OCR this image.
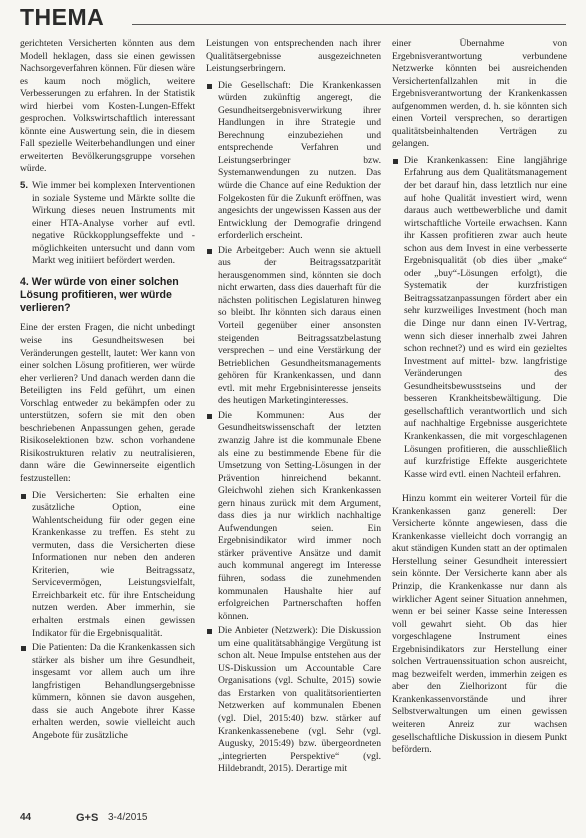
THEMA

gerichteten Versicherten könnten aus dem Modell heklagen, dass sie einen gewissen Nachsorgeverfahren können. Für diesen wäre es kaum noch möglich, weitere Verbesserungen zu erfahren. In der Statistik wird hierbei vom Kosten-Lungen-Effekt gesprochen. Volkswirtschaftlich interessant könnte eine Auswertung sein, die in diesem Fall spezielle Weiterbehandlungen und einer erweiterten Bevölkerungsgruppe vorsehen würde.

5. Wie immer bei komplexen Interventionen in soziale Systeme und Märkte sollte die Wirkung dieses neuen Instruments mit einer HTA-Analyse vorher auf evtl. negative Rückkopplungseffekte und -möglichkeiten untersucht und dann vom Markt weg initiiert befördert werden.
4. Wer würde von einer solchen Lösung profitieren, wer würde verlieren?

Eine der ersten Fragen, die nicht unbedingt weise ins Gesundheitswesen bei Veränderungen gestellt, lautet: Wer kann von einer solchen Lösung profitieren, wer würde eher verlieren? Und danach werden dann die Beteiligten ins Feld geführt, um einen Vorschlag entweder zu bekämpfen oder zu unterstützen, sofern sie mit den oben beschriebenen Anpassungen gehen, gerade Risikoselektionen bzw. schon vorhandene Risikostrukturen relativ zu neutralisieren, dann wäre die Gewinnerseite eigentlich festzustellen:

Die Versicherten: Sie erhalten eine zusätzliche Option, eine Wahlentscheidung für oder gegen eine Krankenkasse zu treffen. Es steht zu vermuten, dass die Versicherten diese Informationen nur neben den anderen Kriterien, wie Beitragssatz, Servicevermögen, Leistungsvielfalt, Erreichbarkeit etc. für ihre Entscheidung nutzen werden. Aber immerhin, sie erhalten erstmals einen gewissen Indikator für die Ergebnisqualität.
Die Patienten: Da die Krankenkassen sich stärker als bisher um ihre Gesundheit, insgesamt vor allem auch um ihre langfristigen Behandlungsergebnisse kümmern, können sie davon ausgehen, dass sie auch Angebote ihrer Kasse erhalten werden, sowie vielleicht auch Angebote für zusätzliche

Leistungen von entsprechenden nach ihrer Qualitätsergebnisse ausgezeichneten Leistungserbringern.

Die Gesellschaft: Die Krankenkassen würden zukünftig angeregt, die Gesundheitsergebnisverwirkung ihrer Handlungen in ihre Strategie und Berechnung einzubeziehen und entsprechende Verfahren und Leistungserbringer bzw. Systemanwendungen zu nutzen. Das würde die Chance auf eine Reduktion der Folgekosten für die Zukunft eröffnen, was angesichts der ungewissen Kassen aus der Entwicklung der Demografie dringend erforderlich erscheint.
Die Arbeitgeber: Auch wenn sie aktuell aus der Beitragssatzparität herausgenommen sind, könnten sie doch nicht erwarten, dass dies dauerhaft für die nächsten politischen Legislaturen hinweg so bleibt. Ihr könnten sich daraus einen Vorteil gegenüber einer ansonsten steigenden Beitragssatzbelastung versprechen – und eine Verstärkung der Betrieblichen Gesundheitsmanagements gehören für Krankenkassen, und dann evtl. mit mehr Ergebnisinteresse jenseits des heutigen Marketinginteresses.
Die Kommunen: Aus der Gesundheitswissenschaft der letzten zwanzig Jahre ist die kommunale Ebene als eine zu bestimmende Ebene für die Umsetzung von Setting-Lösungen in der Prävention hinreichend bekannt. Gleichwohl ziehen sich Krankenkassen gern hinaus zurück mit dem Argument, dass dies ja nur wirklich nachhaltige Aufwendungen seien. Ein Ergebnisindikator wird immer noch stärker präventive Ansätze und damit auch kommunal angeregt im Interesse führen, sodass die zunehmenden kommunalen Haushalte hier auf erfolgreichen Partnerschaften hoffen können.
Die Anbieter (Netzwerk): Die Diskussion um eine qualitätsabhängige Vergütung ist schon alt. Neue Impulse entstehen aus der US-Diskussion um Accountable Care Organisations (vgl. Schulte, 2015) sowie das Erstarken von qualitätsorientierten Netzwerken auf kommunalen Ebenen (vgl. Diel, 2015:40) bzw. stärker auf Krankenkassenebene (vgl. Sehr (vgl. Augusky, 2015:49) bzw. übergeordneten „integrierten Perspektive“ (vgl. Hildebrandt, 2015). Derartige mit

einer Übernahme von Ergebnisverantwortung verbundene Netzwerke könnten bei ausreichenden Versichertenfallzahlen mit in die Ergebnisverantwortung der Krankenkassen aufgenommen werden, d. h. sie könnten sich einen Vorteil versprechen, so derartigen qualitätsbeinhaltenden Verträgen zu gelangen.

Die Krankenkassen: Eine langjährige Erfahrung aus dem Qualitätsmanagement der bet darauf hin, dass letztlich nur eine auf hohe Qualität investiert wird, wenn daraus auch wettbewerbliche und damit wirtschaftliche Vorteile erwachsen. Kann ihr Kassen profitieren zwar auch heute schon aus dem Invest in eine verbesserte Ergebnisqualität (ob dies über „make“ oder „buy“-Lösungen erfolgt), die Systematik der kurzfristigen Beitragssatzanpassungen fördert aber ein sehr kurzweiliges Investment (hoch man die Dinge nur dann einen IV-Vertrag, wenn sich dieser innerhalb zwei Jahren schon rechnet?) und es wird ein gezieltes Investment auf mittel- bzw. langfristige Veränderungen des Gesundheitsbewusstseins und der besseren Krankheitsbewältigung. Die gesellschaftlich verantwortlich und sich auf nachhaltige Ergebnisse ausgerichtete Krankenkassen, die mit vorgeschlagenen Lösungen profitieren, die ausschließlich auf kurzfristige Effekte ausgerichtete Kasse wird evtl. einen Nachteil erfahren.

Hinzu kommt ein weiterer Vorteil für die Krankenkassen ganz generell: Der Versicherte könnte angewiesen, dass die Krankenkasse vielleicht doch vorrangig an akut ständigen Kunden statt an der optimalen Herstellung seiner Gesundheit interessiert sein könnte. Der Versicherte kann aber als Prinzip, die Krankenkasse nur dann als wirklicher Agent seiner Situation annehmen, wenn er bei seiner Kasse seine Interessen voll gewahrt sieht. Ob das hier vorgeschlagene Instrument eines Ergebnisindikators zur Herstellung einer solchen Vertrauenssituation schon ausreicht, mag bezweifelt werden, immerhin zeigen es aber den Zielhorizont für die Krankenkassenvorstände und ihrer Selbstverwaltungen um einen gewissen weiteren Anreiz zur wachsen gesellschaftliche Diskussion in diesem Punkt befördern.

44	G+S 3-4/2015
